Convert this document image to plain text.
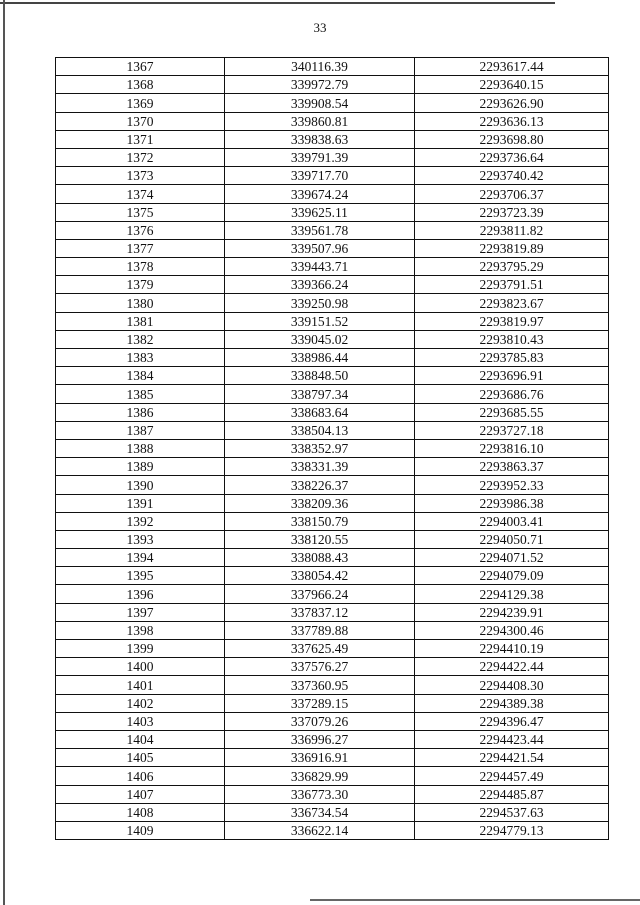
33
1367	340116.39	2293617.44
1368	339972.79	2293640.15
1369	339908.54	2293626.90
1370	339860.81	2293636.13
1371	339838.63	2293698.80
1372	339791.39	2293736.64
1373	339717.70	2293740.42
1374	339674.24	2293706.37
1375	339625.11	2293723.39
1376	339561.78	2293811.82
1377	339507.96	2293819.89
1378	339443.71	2293795.29
1379	339366.24	2293791.51
1380	339250.98	2293823.67
1381	339151.52	2293819.97
1382	339045.02	2293810.43
1383	338986.44	2293785.83
1384	338848.50	2293696.91
1385	338797.34	2293686.76
1386	338683.64	2293685.55
1387	338504.13	2293727.18
1388	338352.97	2293816.10
1389	338331.39	2293863.37
1390	338226.37	2293952.33
1391	338209.36	2293986.38
1392	338150.79	2294003.41
1393	338120.55	2294050.71
1394	338088.43	2294071.52
1395	338054.42	2294079.09
1396	337966.24	2294129.38
1397	337837.12	2294239.91
1398	337789.88	2294300.46
1399	337625.49	2294410.19
1400	337576.27	2294422.44
1401	337360.95	2294408.30
1402	337289.15	2294389.38
1403	337079.26	2294396.47
1404	336996.27	2294423.44
1405	336916.91	2294421.54
1406	336829.99	2294457.49
1407	336773.30	2294485.87
1408	336734.54	2294537.63
1409	336622.14	2294779.13
